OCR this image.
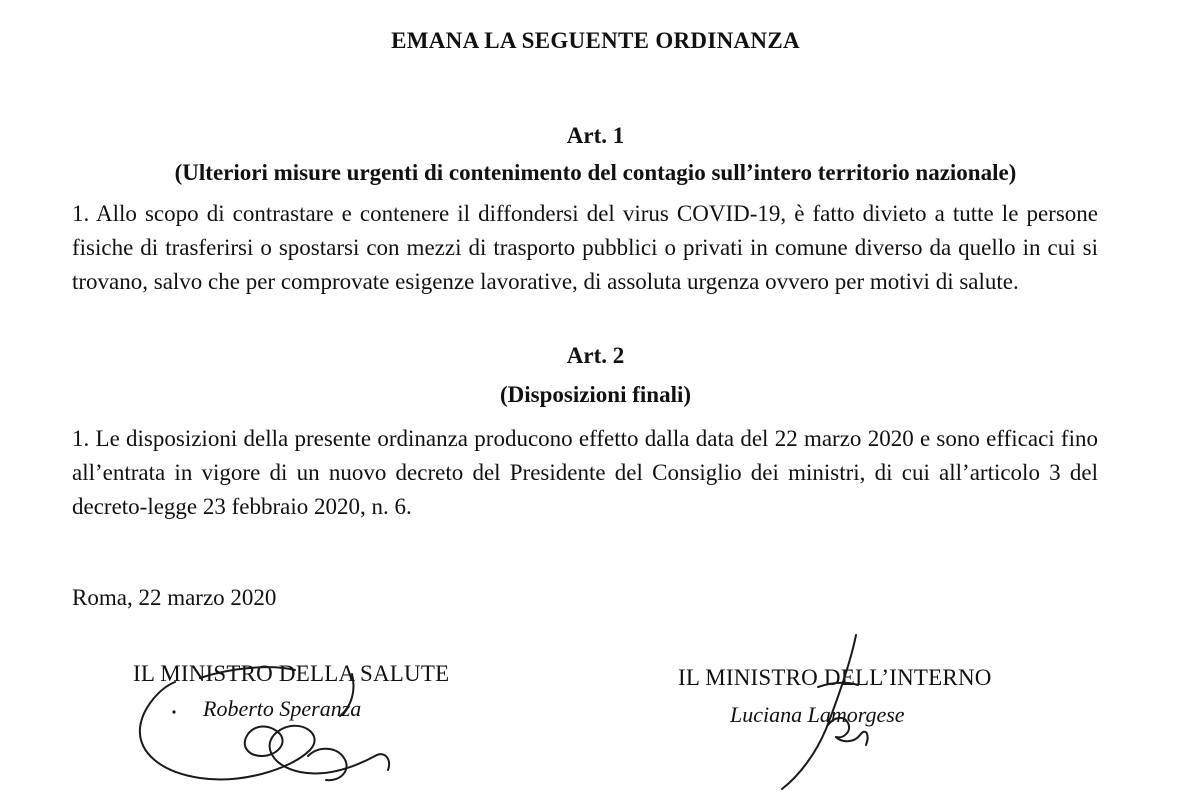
EMANA LA SEGUENTE ORDINANZA
Art. 1
(Ulteriori misure urgenti di contenimento del contagio sull’intero territorio nazionale)

1. Allo scopo di contrastare e contenere il diffondersi del virus COVID-19, è fatto divieto a tutte le persone fisiche di trasferirsi o spostarsi con mezzi di trasporto pubblici o privati in comune diverso da quello in cui si trovano, salvo che per comprovate esigenze lavorative, di assoluta urgenza ovvero per motivi di salute.

Art. 2
(Disposizioni finali)

1. Le disposizioni della presente ordinanza producono effetto dalla data del 22 marzo 2020 e sono efficaci fino all’entrata in vigore di un nuovo decreto del Presidente del Consiglio dei ministri, di cui all’articolo 3 del decreto-legge 23 febbraio 2020, n. 6.

Roma, 22 marzo 2020
IL MINISTRO DELLA SALUTE
Roberto Speranza
IL MINISTRO DELL’INTERNO
Luciana Lamorgese
